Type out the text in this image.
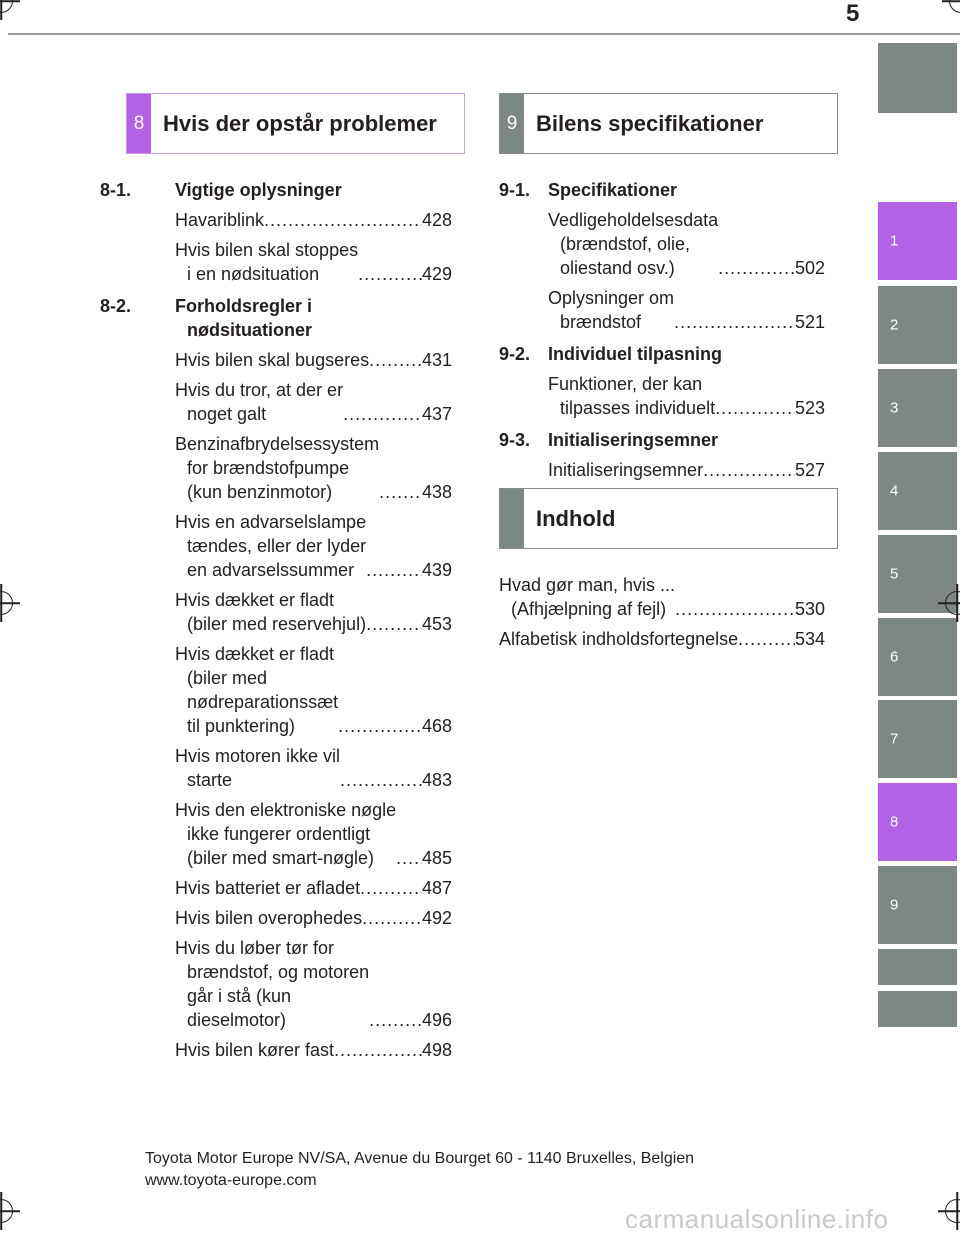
5
1
2
3
4
5
6
7
8
9
8 Hvis der opstår problemer	9 Bilens specifikationer
8-1. Vigtige oplysninger
Havariblink .....	428
Hvis bilen skal stoppes
i en nødsituation .....	429
8-2. Forholdsregler i
nødsituationer
Hvis bilen skal bugseres .....	431
Hvis du tror, at der er
noget galt .....	437
Benzinafbrydelsessystem
for brændstofpumpe
(kun benzinmotor) .....	438
Hvis en advarselslampe
tændes, eller der lyder
en advarselssummer .....	439
Hvis dækket er fladt
(biler med reservehjul) .....	453
Hvis dækket er fladt
(biler med
nødreparationssæt
til punktering) .....	468
Hvis motoren ikke vil
starte .....	483
Hvis den elektroniske nøgle
ikke fungerer ordentligt
(biler med smart-nøgle) .....	485
Hvis batteriet er afladet .....	487
Hvis bilen overophedes .....	492
Hvis du løber tør for
brændstof, og motoren
går i stå (kun
dieselmotor) .....	496
Hvis bilen kører fast .....	498
9-1. Specifikationer
Vedligeholdelsesdata
(brændstof, olie,
oliestand osv.) .....	502
Oplysninger om
brændstof .....	521
9-2. Individuel tilpasning
Funktioner, der kan
tilpasses individuelt .....	523
9-3. Initialiseringsemner
Initialiseringsemner .....	527
Indhold
Hvad gør man, hvis ...
(Afhjælpning af fejl) .....	530
Alfabetisk indholdsfortegnelse .....	534
Toyota Motor Europe NV/SA, Avenue du Bourget 60 - 1140 Bruxelles, Belgien
www.toyota-europe.com
carmanualsonline.info
